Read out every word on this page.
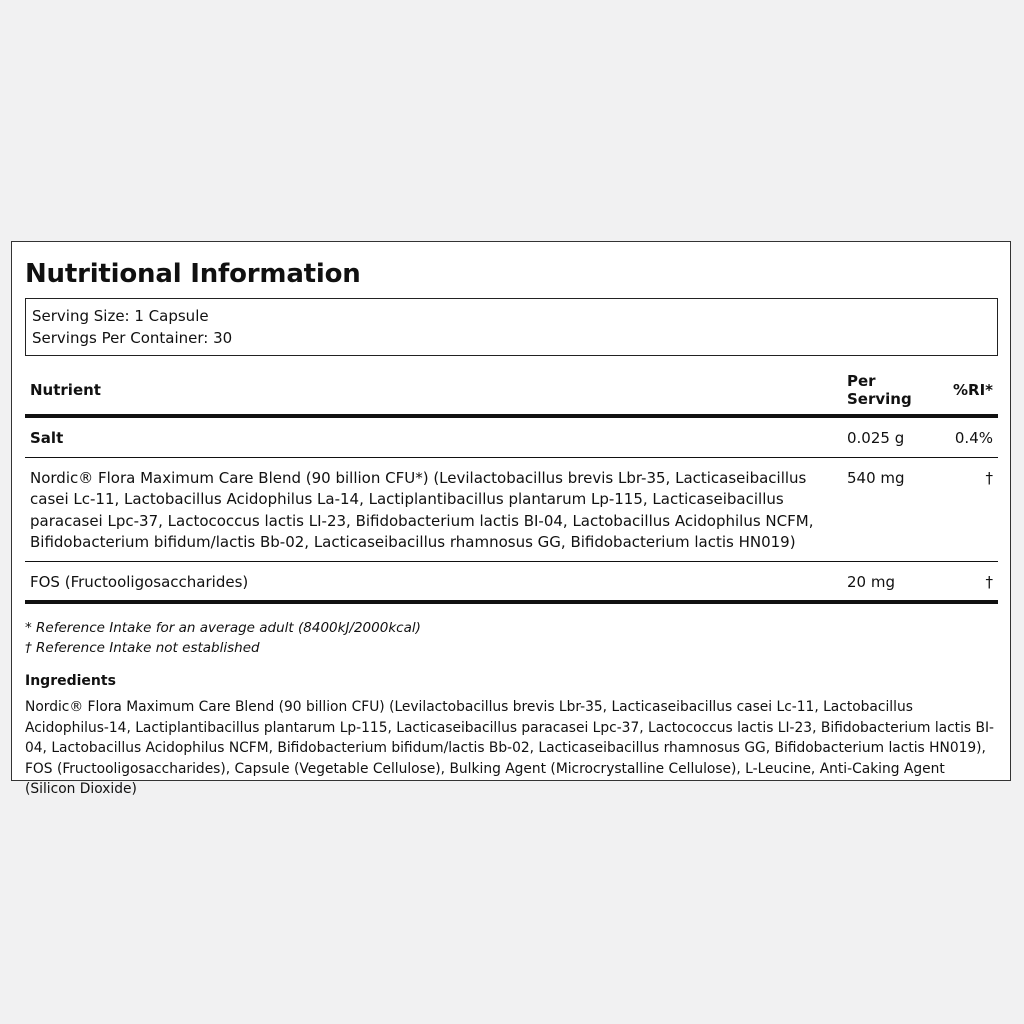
Nutritional Information
Serving Size: 1 Capsule
Servings Per Container: 30
Nutrient	Per Serving	%RI*
Salt	0.025 g	0.4%
Nordic® Flora Maximum Care Blend (90 billion CFU*) (Levilactobacillus brevis Lbr-35, Lacticaseibacillus casei Lc-11, Lactobacillus Acidophilus La-14, Lactiplantibacillus plantarum Lp-115, Lacticaseibacillus paracasei Lpc-37, Lactococcus lactis LI-23, Bifidobacterium lactis BI-04, Lactobacillus Acidophilus NCFM, Bifidobacterium bifidum/lactis Bb-02, Lacticaseibacillus rhamnosus GG, Bifidobacterium lactis HN019)	540 mg	†
FOS (Fructooligosaccharides)	20 mg	†
* Reference Intake for an average adult (8400kJ/2000kcal)
† Reference Intake not established
Ingredients
Nordic® Flora Maximum Care Blend (90 billion CFU) (Levilactobacillus brevis Lbr-35, Lacticaseibacillus casei Lc-11, Lactobacillus Acidophilus-14, Lactiplantibacillus plantarum Lp-115, Lacticaseibacillus paracasei Lpc-37, Lactococcus lactis LI-23, Bifidobacterium lactis BI-04, Lactobacillus Acidophilus NCFM, Bifidobacterium bifidum/lactis Bb-02, Lacticaseibacillus rhamnosus GG, Bifidobacterium lactis HN019), FOS (Fructooligosaccharides), Capsule (Vegetable Cellulose), Bulking Agent (Microcrystalline Cellulose), L-Leucine, Anti-Caking Agent (Silicon Dioxide)
